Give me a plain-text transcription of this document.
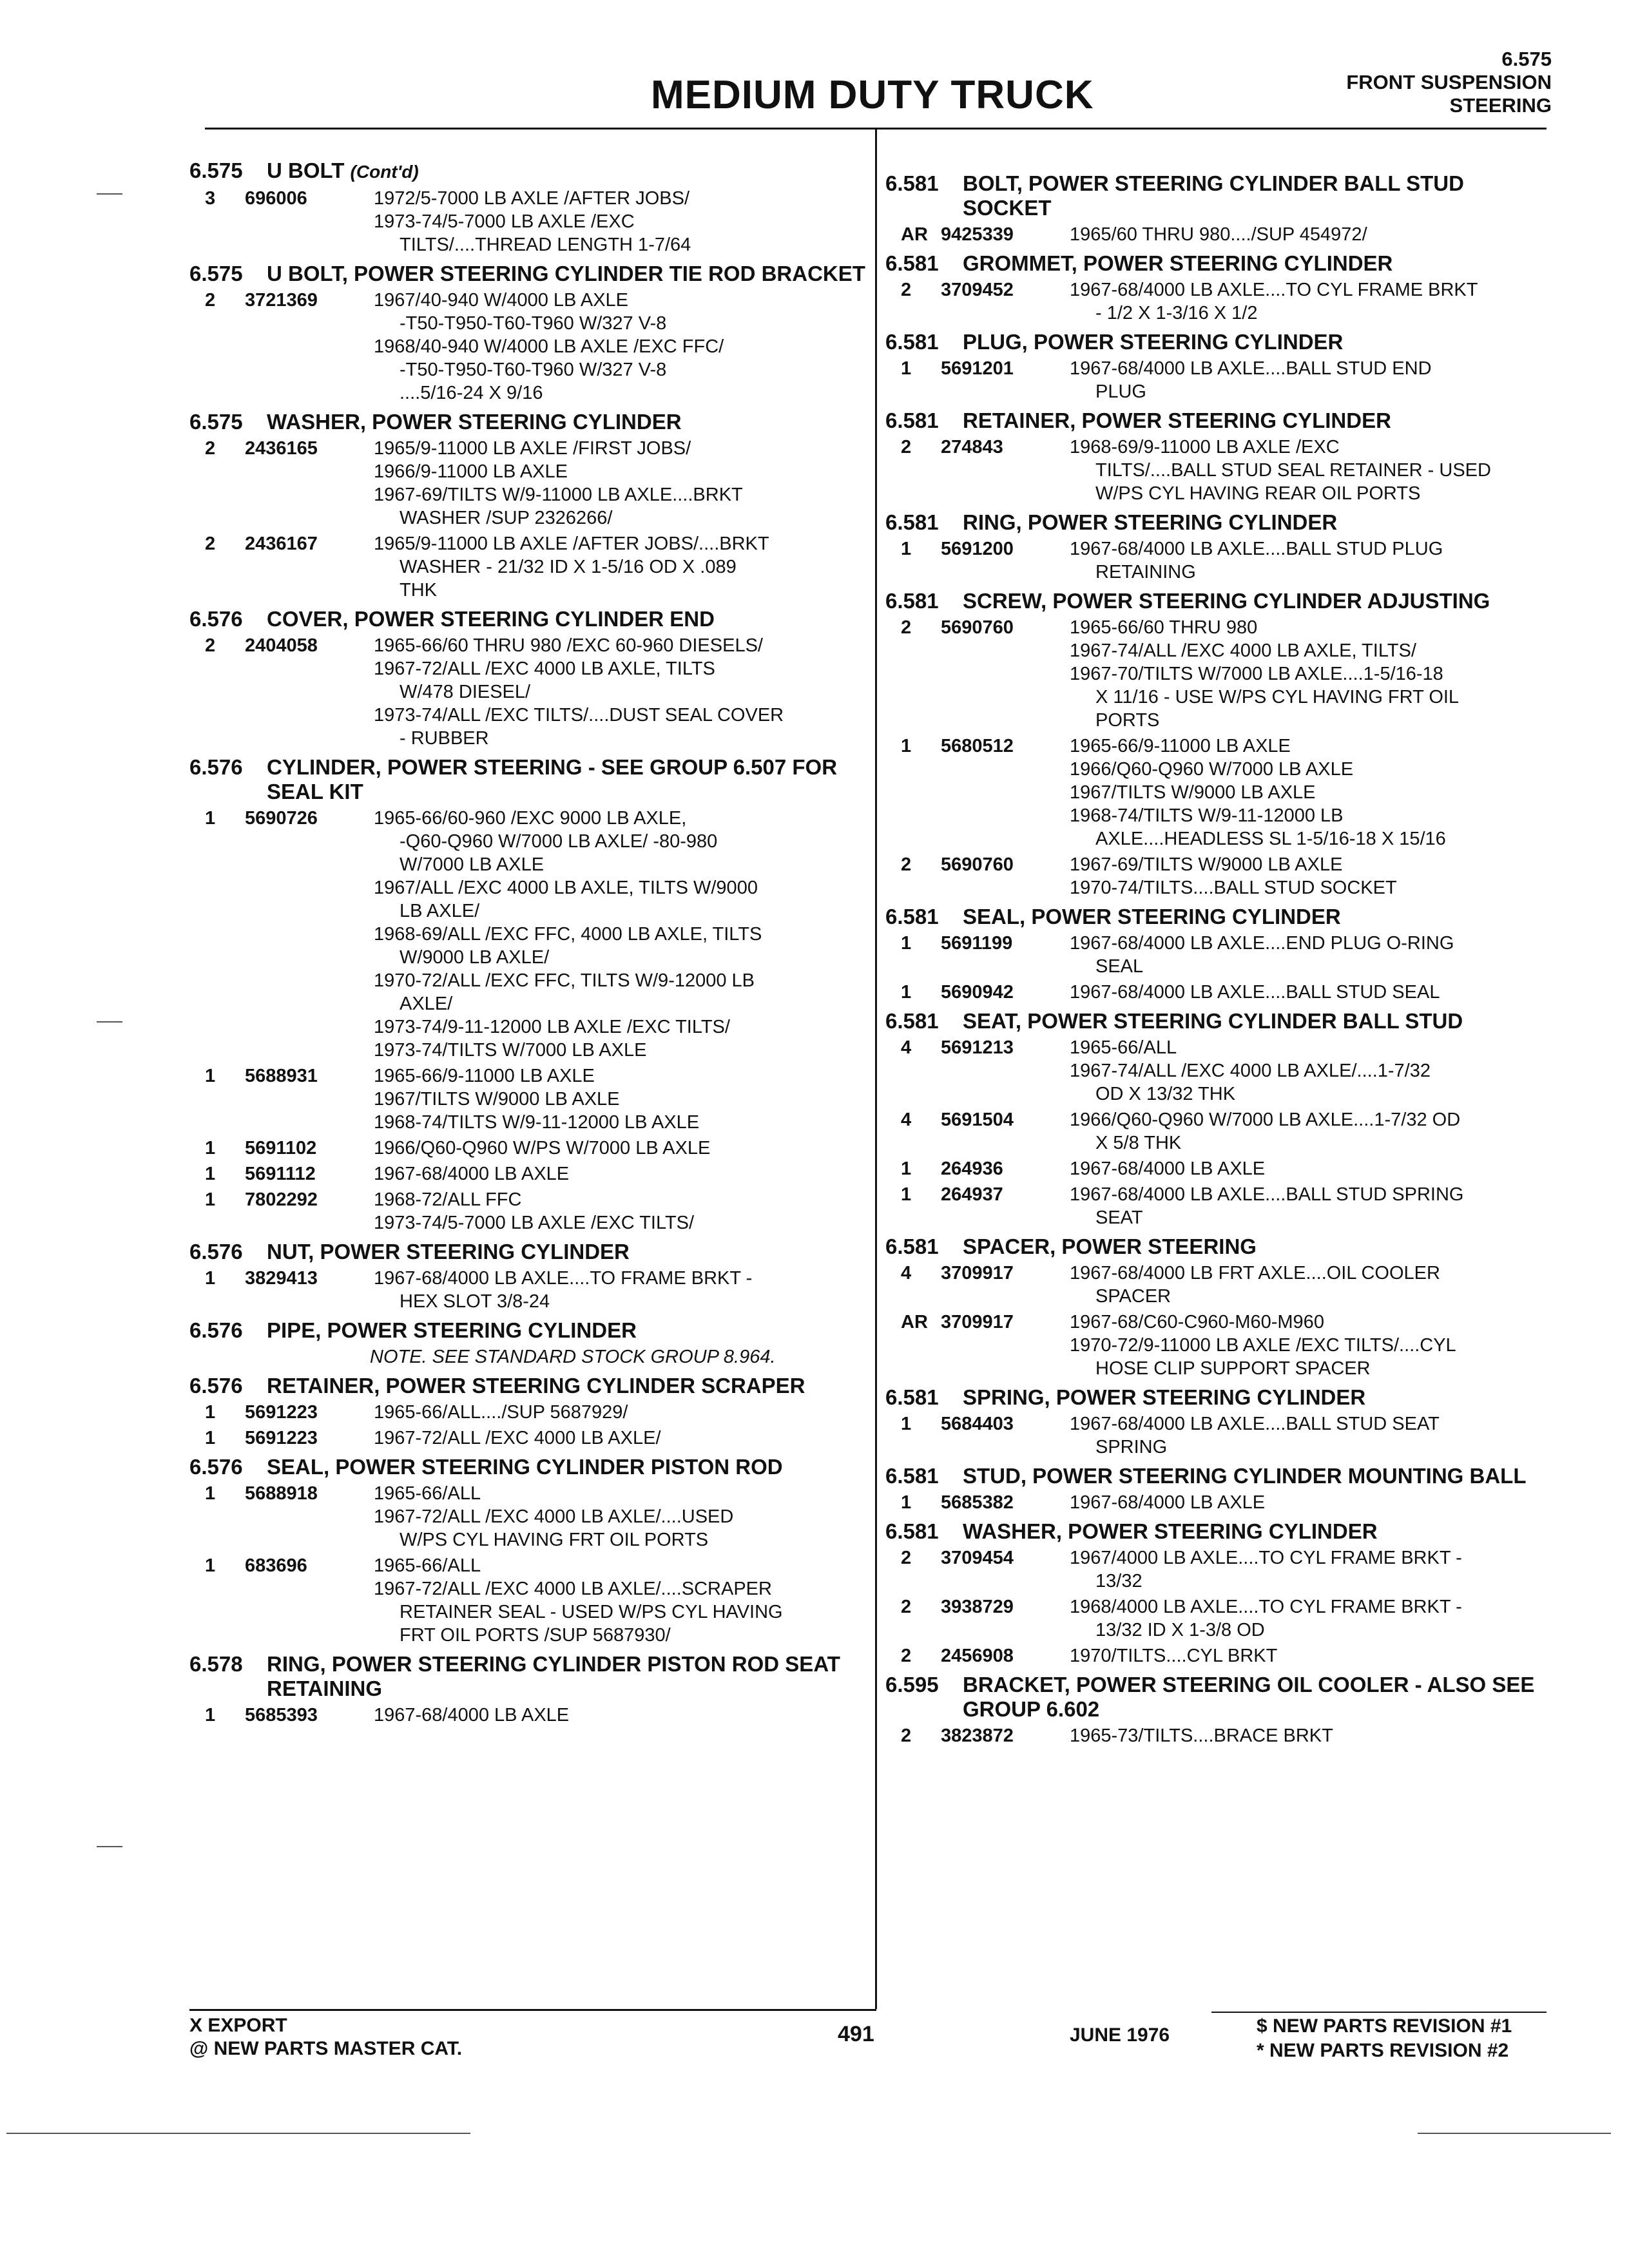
MEDIUM DUTY TRUCK
6.575
FRONT SUSPENSION
STEERING
6.575	U BOLT (Cont'd)
3	696006	1972/5-7000 LB AXLE /AFTER JOBS/
1973-74/5-7000 LB AXLE /EXC
TILTS/....THREAD LENGTH 1-7/64
6.575	U BOLT, POWER STEERING CYLINDER TIE ROD BRACKET
2	3721369	1967/40-940 W/4000 LB AXLE
-T50-T950-T60-T960 W/327 V-8
1968/40-940 W/4000 LB AXLE /EXC FFC/
-T50-T950-T60-T960 W/327 V-8
....5/16-24 X 9/16
6.575	WASHER, POWER STEERING CYLINDER
2	2436165	1965/9-11000 LB AXLE /FIRST JOBS/
1966/9-11000 LB AXLE
1967-69/TILTS W/9-11000 LB AXLE....BRKT
WASHER /SUP 2326266/
2	2436167	1965/9-11000 LB AXLE /AFTER JOBS/....BRKT
WASHER - 21/32 ID X 1-5/16 OD X .089
THK
6.576	COVER, POWER STEERING CYLINDER END
2	2404058	1965-66/60 THRU 980 /EXC 60-960 DIESELS/
1967-72/ALL /EXC 4000 LB AXLE, TILTS
W/478 DIESEL/
1973-74/ALL /EXC TILTS/....DUST SEAL COVER
- RUBBER
6.576	CYLINDER, POWER STEERING - SEE GROUP 6.507 FOR SEAL KIT
1	5690726	1965-66/60-960 /EXC 9000 LB AXLE,
-Q60-Q960 W/7000 LB AXLE/ -80-980
W/7000 LB AXLE
1967/ALL /EXC 4000 LB AXLE, TILTS W/9000
LB AXLE/
1968-69/ALL /EXC FFC, 4000 LB AXLE, TILTS
W/9000 LB AXLE/
1970-72/ALL /EXC FFC, TILTS W/9-12000 LB
AXLE/
1973-74/9-11-12000 LB AXLE /EXC TILTS/
1973-74/TILTS W/7000 LB AXLE
1	5688931	1965-66/9-11000 LB AXLE
1967/TILTS W/9000 LB AXLE
1968-74/TILTS W/9-11-12000 LB AXLE
1	5691102	1966/Q60-Q960 W/PS W/7000 LB AXLE
1	5691112	1967-68/4000 LB AXLE
1	7802292	1968-72/ALL FFC
1973-74/5-7000 LB AXLE /EXC TILTS/
6.576	NUT, POWER STEERING CYLINDER
1	3829413	1967-68/4000 LB AXLE....TO FRAME BRKT -
HEX SLOT 3/8-24
6.576	PIPE, POWER STEERING CYLINDER
NOTE. SEE STANDARD STOCK GROUP 8.964.
6.576	RETAINER, POWER STEERING CYLINDER SCRAPER
1	5691223	1965-66/ALL..../SUP 5687929/
1	5691223	1967-72/ALL /EXC 4000 LB AXLE/
6.576	SEAL, POWER STEERING CYLINDER PISTON ROD
1	5688918	1965-66/ALL
1967-72/ALL /EXC 4000 LB AXLE/....USED
W/PS CYL HAVING FRT OIL PORTS
1	683696	1965-66/ALL
1967-72/ALL /EXC 4000 LB AXLE/....SCRAPER
RETAINER SEAL - USED W/PS CYL HAVING
FRT OIL PORTS /SUP 5687930/
6.578	RING, POWER STEERING CYLINDER PISTON ROD SEAT RETAINING
1	5685393	1967-68/4000 LB AXLE
6.581	BOLT, POWER STEERING CYLINDER BALL STUD SOCKET
AR 9425339	1965/60 THRU 980..../SUP 454972/
6.581	GROMMET, POWER STEERING CYLINDER
2	3709452	1967-68/4000 LB AXLE....TO CYL FRAME BRKT
- 1/2 X 1-3/16 X 1/2
6.581	PLUG, POWER STEERING CYLINDER
1	5691201	1967-68/4000 LB AXLE....BALL STUD END
PLUG
6.581	RETAINER, POWER STEERING CYLINDER
2	274843	1968-69/9-11000 LB AXLE /EXC
TILTS/....BALL STUD SEAL RETAINER - USED
W/PS CYL HAVING REAR OIL PORTS
6.581	RING, POWER STEERING CYLINDER
1	5691200	1967-68/4000 LB AXLE....BALL STUD PLUG
RETAINING
6.581	SCREW, POWER STEERING CYLINDER ADJUSTING
2	5690760	1965-66/60 THRU 980
1967-74/ALL /EXC 4000 LB AXLE, TILTS/
1967-70/TILTS W/7000 LB AXLE....1-5/16-18
X 11/16 - USE W/PS CYL HAVING FRT OIL
PORTS
1	5680512	1965-66/9-11000 LB AXLE
1966/Q60-Q960 W/7000 LB AXLE
1967/TILTS W/9000 LB AXLE
1968-74/TILTS W/9-11-12000 LB
AXLE....HEADLESS SL 1-5/16-18 X 15/16
2	5690760	1967-69/TILTS W/9000 LB AXLE
1970-74/TILTS....BALL STUD SOCKET
6.581	SEAL, POWER STEERING CYLINDER
1	5691199	1967-68/4000 LB AXLE....END PLUG O-RING
SEAL
1	5690942	1967-68/4000 LB AXLE....BALL STUD SEAL
6.581	SEAT, POWER STEERING CYLINDER BALL STUD
4	5691213	1965-66/ALL
1967-74/ALL /EXC 4000 LB AXLE/....1-7/32
OD X 13/32 THK
4	5691504	1966/Q60-Q960 W/7000 LB AXLE....1-7/32 OD
X 5/8 THK
1	264936	1967-68/4000 LB AXLE
1	264937	1967-68/4000 LB AXLE....BALL STUD SPRING
SEAT
6.581	SPACER, POWER STEERING
4	3709917	1967-68/4000 LB FRT AXLE....OIL COOLER
SPACER
AR 3709917	1967-68/C60-C960-M60-M960
1970-72/9-11000 LB AXLE /EXC TILTS/....CYL
HOSE CLIP SUPPORT SPACER
6.581	SPRING, POWER STEERING CYLINDER
1	5684403	1967-68/4000 LB AXLE....BALL STUD SEAT
SPRING
6.581	STUD, POWER STEERING CYLINDER MOUNTING BALL
1	5685382	1967-68/4000 LB AXLE
6.581	WASHER, POWER STEERING CYLINDER
2	3709454	1967/4000 LB AXLE....TO CYL FRAME BRKT -
13/32
2	3938729	1968/4000 LB AXLE....TO CYL FRAME BRKT -
13/32 ID X 1-3/8 OD
2	2456908	1970/TILTS....CYL BRKT
6.595	BRACKET, POWER STEERING OIL COOLER - ALSO SEE GROUP 6.602
2	3823872	1965-73/TILTS....BRACE BRKT
X EXPORT
@ NEW PARTS MASTER CAT.
491	JUNE 1976	$ NEW PARTS REVISION #1
* NEW PARTS REVISION #2
